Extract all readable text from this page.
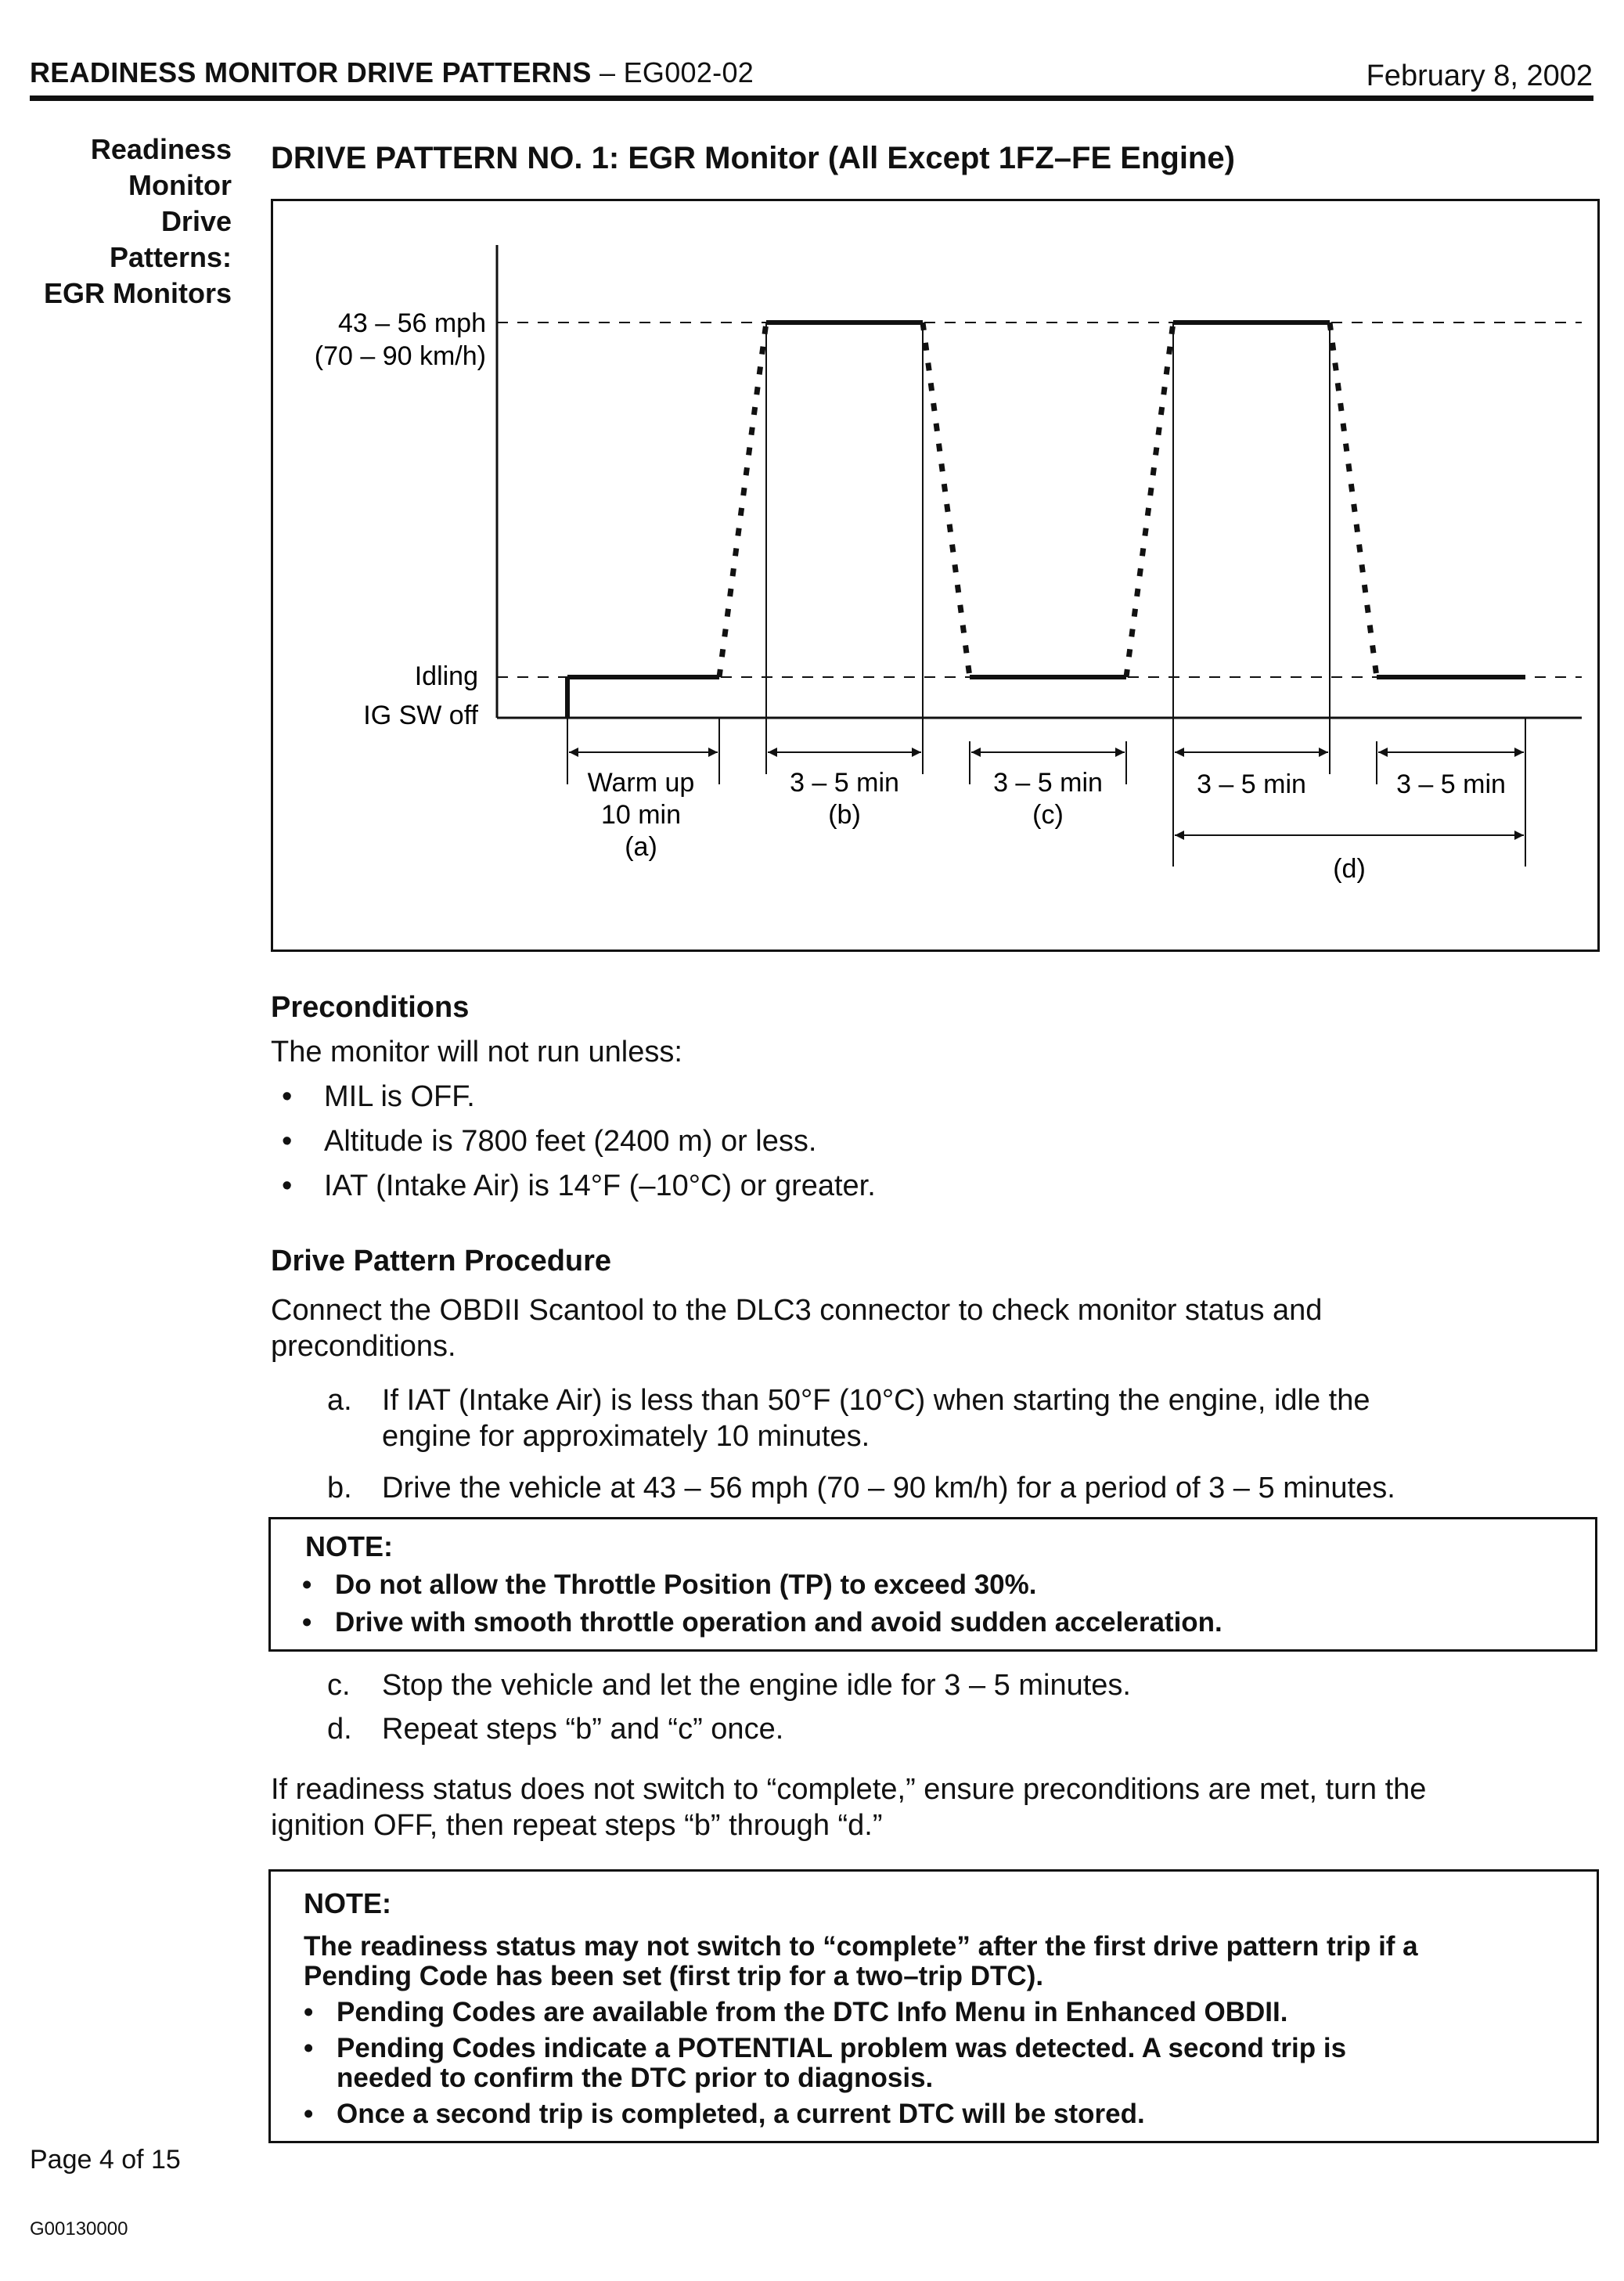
READINESS MONITOR DRIVE PATTERNS – EG002-02	February 8, 2002
Readiness
Monitor
Drive
Patterns:
EGR Monitors
DRIVE PATTERN NO. 1: EGR Monitor (All Except 1FZ–FE Engine)
43 – 56 mph
(70 – 90 km/h)
Idling
IG SW off
Warm up
10 min
(a)
3 – 5 min
(b)
3 – 5 min
(c)
3 – 5 min	3 – 5 min
(d)
Preconditions
The monitor will not run unless:
• MIL is OFF.
• Altitude is 7800 feet (2400 m) or less.
• IAT (Intake Air) is 14°F (–10°C) or greater.
Drive Pattern Procedure
Connect the OBDII Scantool to the DLC3 connector to check monitor status and
preconditions.
a. If IAT (Intake Air) is less than 50°F (10°C) when starting the engine, idle the
engine for approximately 10 minutes.
b. Drive the vehicle at 43 – 56 mph (70 – 90 km/h) for a period of 3 – 5 minutes.
NOTE:
• Do not allow the Throttle Position (TP) to exceed 30%.
• Drive with smooth throttle operation and avoid sudden acceleration.
c. Stop the vehicle and let the engine idle for 3 – 5 minutes.
d. Repeat steps “b” and “c” once.
If readiness status does not switch to “complete,” ensure preconditions are met, turn the
ignition OFF, then repeat steps “b” through “d.”
NOTE:
The readiness status may not switch to “complete” after the first drive pattern trip if a
Pending Code has been set (first trip for a two–trip DTC).
• Pending Codes are available from the DTC Info Menu in Enhanced OBDII.
• Pending Codes indicate a POTENTIAL problem was detected. A second trip is
needed to confirm the DTC prior to diagnosis.
• Once a second trip is completed, a current DTC will be stored.
Page 4 of 15
G00130000
